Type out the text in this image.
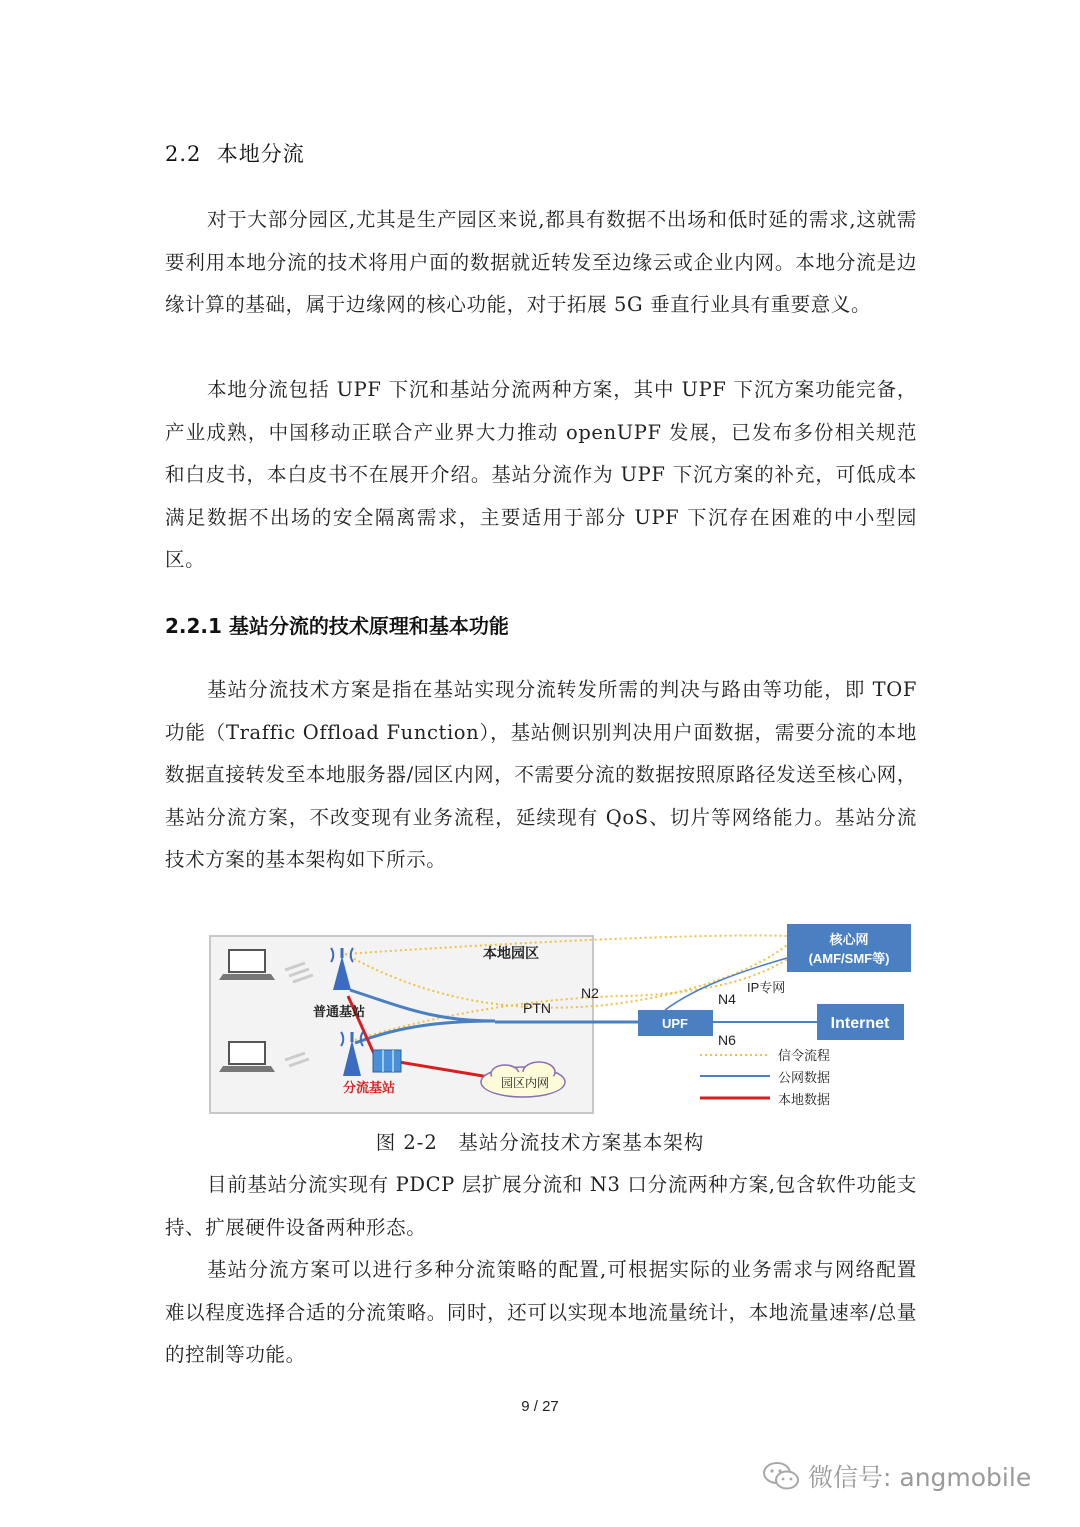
2.2 本地分流

对于大部分园区,尤其是生产园区来说,都具有数据不出场和低时延的需求,这就需要利用本地分流的技术将用户面的数据就近转发至边缘云或企业内网。本地分流是边缘计算的基础，属于边缘网的核心功能，对于拓展 5G 垂直行业具有重要意义。

本地分流包括 UPF 下沉和基站分流两种方案，其中 UPF 下沉方案功能完备，产业成熟，中国移动正联合产业界大力推动 openUPF 发展，已发布多份相关规范和白皮书，本白皮书不在展开介绍。基站分流作为 UPF 下沉方案的补充，可低成本满足数据不出场的安全隔离需求，主要适用于部分 UPF 下沉存在困难的中小型园区。

2.2.1 基站分流的技术原理和基本功能

基站分流技术方案是指在基站实现分流转发所需的判决与路由等功能，即 TOF 功能（Traffic Offload Function），基站侧识别判决用户面数据，需要分流的本地数据直接转发至本地服务器/园区内网，不需要分流的数据按照原路径发送至核心网，基站分流方案，不改变现有业务流程，延续现有 QoS、切片等网络能力。基站分流技术方案的基本架构如下所示。

本地园区
普通基站
分流基站	园区内网
PTN
N2	N4
N6
IP专网
UPF
核心网
(AMF/SMF等)
Internet
信令流程
公网数据
本地数据
图 2-2　基站分流技术方案基本架构

目前基站分流实现有 PDCP 层扩展分流和 N3 口分流两种方案,包含软件功能支持、扩展硬件设备两种形态。

基站分流方案可以进行多种分流策略的配置,可根据实际的业务需求与网络配置难以程度选择合适的分流策略。同时，还可以实现本地流量统计，本地流量速率/总量的控制等功能。

9 / 27
微信号: angmobile
